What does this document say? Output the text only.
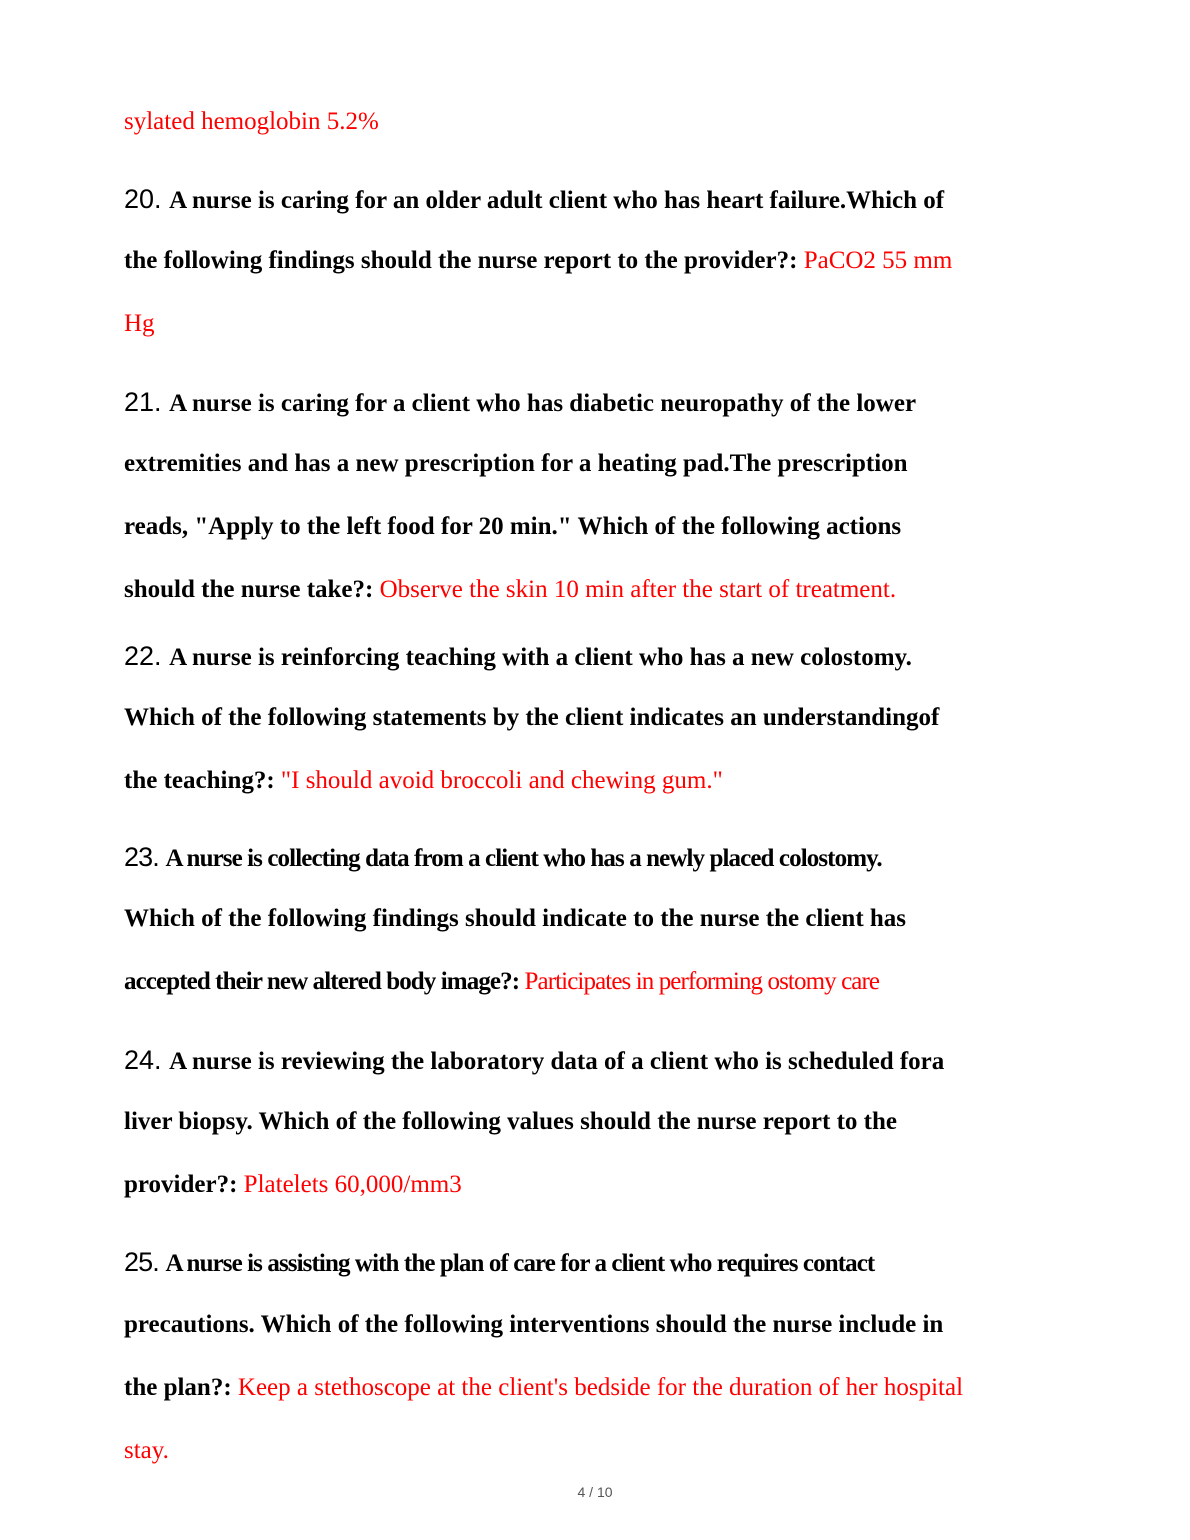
sylated hemoglobin 5.2%
20. A nurse is caring for an older adult client who has heart failure.Which of
the following findings should the nurse report to the provider?: PaCO2 55 mm
Hg
21. A nurse is caring for a client who has diabetic neuropathy of the lower
extremities and has a new prescription for a heating pad.The prescription
reads, "Apply to the left food for 20 min." Which of the following actions
should the nurse take?: Observe the skin 10 min after the start of treatment.
22. A nurse is reinforcing teaching with a client who has a new colostomy.
Which of the following statements by the client indicates an understandingof
the teaching?: "I should avoid broccoli and chewing gum."
23. A nurse is collecting data from a client who has a newly placed colostomy.
Which of the following findings should indicate to the nurse the client has
accepted their new altered body image?: Participates in performing ostomy care
24. A nurse is reviewing the laboratory data of a client who is scheduled fora
liver biopsy. Which of the following values should the nurse report to the
provider?: Platelets 60,000/mm3
25. A nurse is assisting with the plan of care for a client who requires contact
precautions. Which of the following interventions should the nurse include in
the plan?: Keep a stethoscope at the client's bedside for the duration of her hospital
stay.
4 / 10
